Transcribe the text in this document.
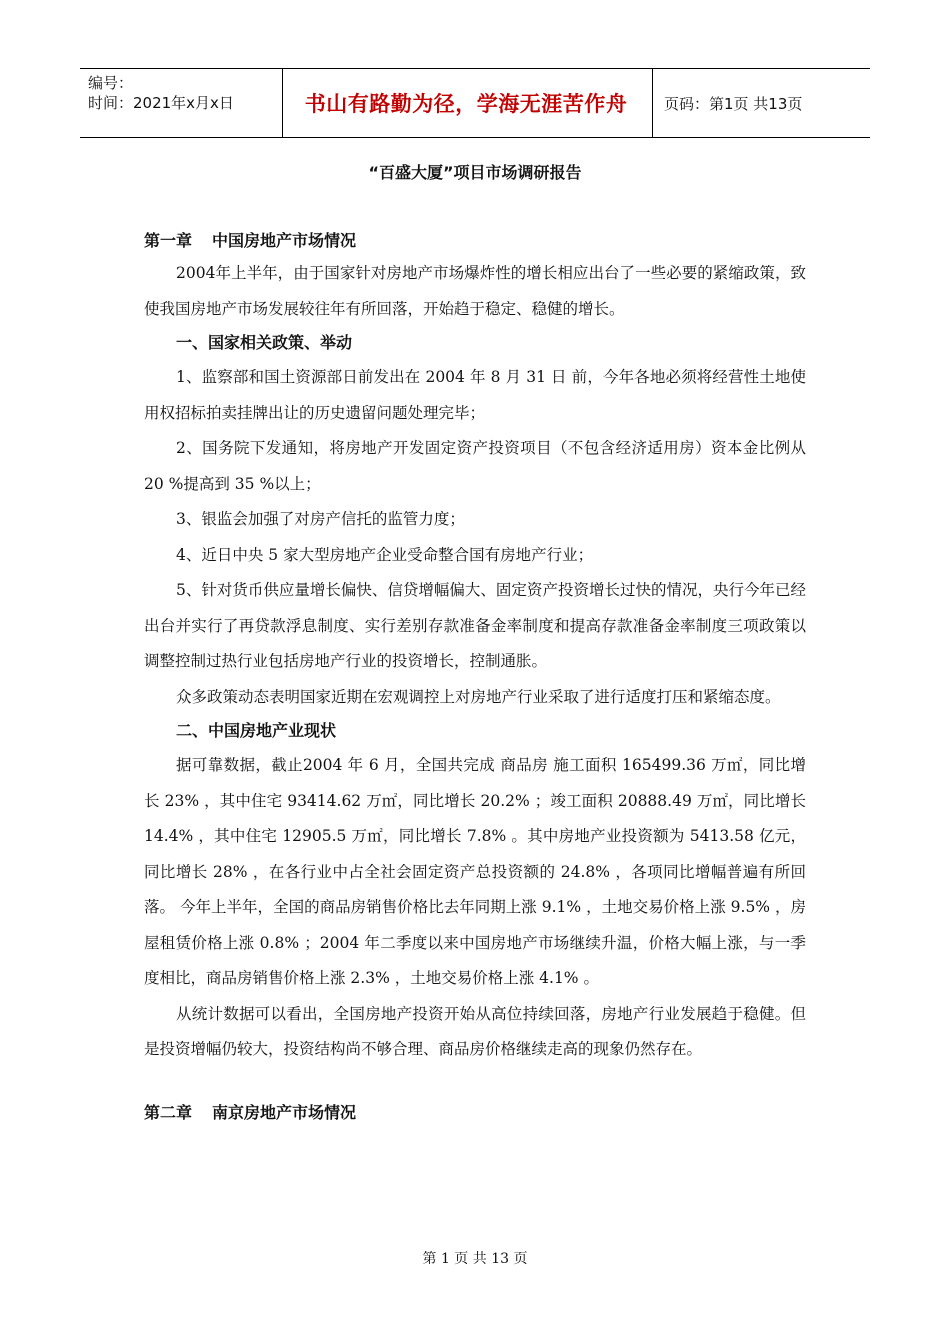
编号：
时间：2021年x月x日	书山有路勤为径，学海无涯苦作舟	页码：第1页 共13页
“百盛大厦”项目市场调研报告
第一章 中国房地产市场情况

2004年上半年，由于国家针对房地产市场爆炸性的增长相应出台了一些必要的紧缩政策，致使我国房地产市场发展较往年有所回落，开始趋于稳定、稳健的增长。

一、国家相关政策、举动

1、监察部和国土资源部日前发出在 2004 年 8 月 31 日 前，今年各地必须将经营性土地使用权招标拍卖挂牌出让的历史遗留问题处理完毕；

2、国务院下发通知，将房地产开发固定资产投资项目（不包含经济适用房）资本金比例从 20 %提高到 35 %以上；

3、银监会加强了对房产信托的监管力度；

4、近日中央 5 家大型房地产企业受命整合国有房地产行业；

5、针对货币供应量增长偏快、信贷增幅偏大、固定资产投资增长过快的情况，央行今年已经出台并实行了再贷款浮息制度、实行差别存款准备金率制度和提高存款准备金率制度三项政策以调整控制过热行业包括房地产行业的投资增长，控制通胀。

众多政策动态表明国家近期在宏观调控上对房地产行业采取了进行适度打压和紧缩态度。

二、中国房地产业现状

据可靠数据，截止2004 年 6 月，全国共完成 商品房 施工面积 165499.36 万㎡，同比增长 23% ，其中住宅 93414.62 万㎡，同比增长 20.2% ；竣工面积 20888.49 万㎡，同比增长 14.4% ，其中住宅 12905.5 万㎡，同比增长 7.8% 。其中房地产业投资额为 5413.58 亿元，同比增长 28% ，在各行业中占全社会固定资产总投资额的 24.8% ，各项同比增幅普遍有所回落。 今年上半年，全国的商品房销售价格比去年同期上涨 9.1% ，土地交易价格上涨 9.5% ，房屋租赁价格上涨 0.8% ；2004 年二季度以来中国房地产市场继续升温，价格大幅上涨，与一季度相比，商品房销售价格上涨 2.3% ，土地交易价格上涨 4.1% 。

从统计数据可以看出，全国房地产投资开始从高位持续回落，房地产行业发展趋于稳健。但是投资增幅仍较大，投资结构尚不够合理、商品房价格继续走高的现象仍然存在。

第二章 南京房地产市场情况
第 1 页 共 13 页
